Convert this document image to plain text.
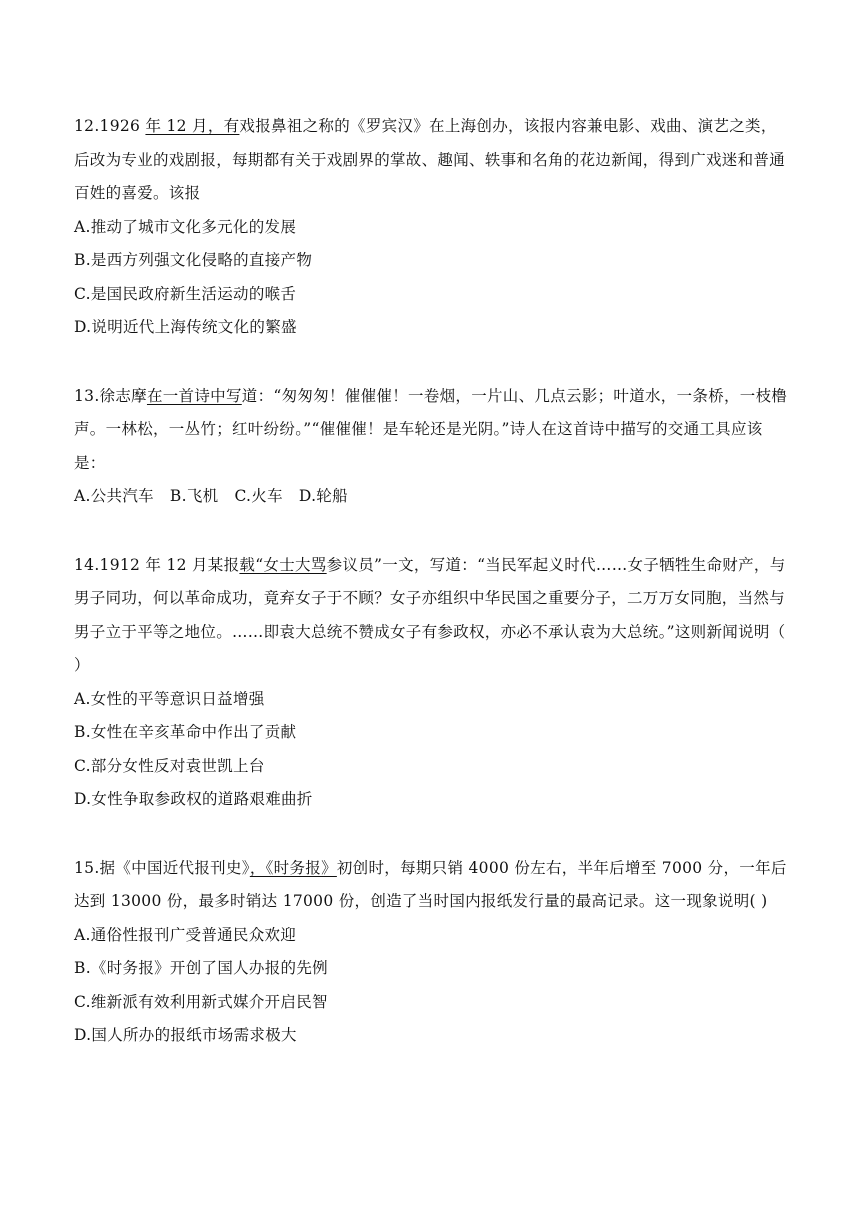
12.1926 年 12 月，有戏报鼻祖之称的《罗宾汉》在上海创办，该报内容兼电影、戏曲、演艺之类，后改为专业的戏剧报，每期都有关于戏剧界的掌故、趣闻、轶事和名角的花边新闻，得到广戏迷和普通百姓的喜爱。该报
A.推动了城市文化多元化的发展
B.是西方列强文化侵略的直接产物
C.是国民政府新生活运动的喉舌
D.说明近代上海传统文化的繁盛
13.徐志摩在一首诗中写道：“匆匆匆！催催催！一卷烟，一片山、几点云影；叶道水，一条桥，一枝橹声。一林松，一丛竹；红叶纷纷。”“催催催！是车轮还是光阴。”诗人在这首诗中描写的交通工具应该是：
A.公共汽车 B.飞机 C.火车 D.轮船
14.1912 年 12 月某报载“女士大骂参议员”一文，写道：“当民军起义时代……女子牺牲生命财产，与男子同功，何以革命成功，竟弃女子于不顾？女子亦组织中华民国之重要分子，二万万女同胞，当然与男子立于平等之地位。……即袁大总统不赞成女子有参政权，亦必不承认袁为大总统。”这则新闻说明（ ）
A.女性的平等意识日益增强
B.女性在辛亥革命中作出了贡献
C.部分女性反对袁世凯上台
D.女性争取参政权的道路艰难曲折
15.据《中国近代报刊史》，《时务报》初创时，每期只销 4000 份左右，半年后增至 7000 分，一年后达到 13000 份，最多时销达 17000 份，创造了当时国内报纸发行量的最高记录。这一现象说明( )
A.通俗性报刊广受普通民众欢迎
B.《时务报》开创了国人办报的先例
C.维新派有效利用新式媒介开启民智
D.国人所办的报纸市场需求极大
